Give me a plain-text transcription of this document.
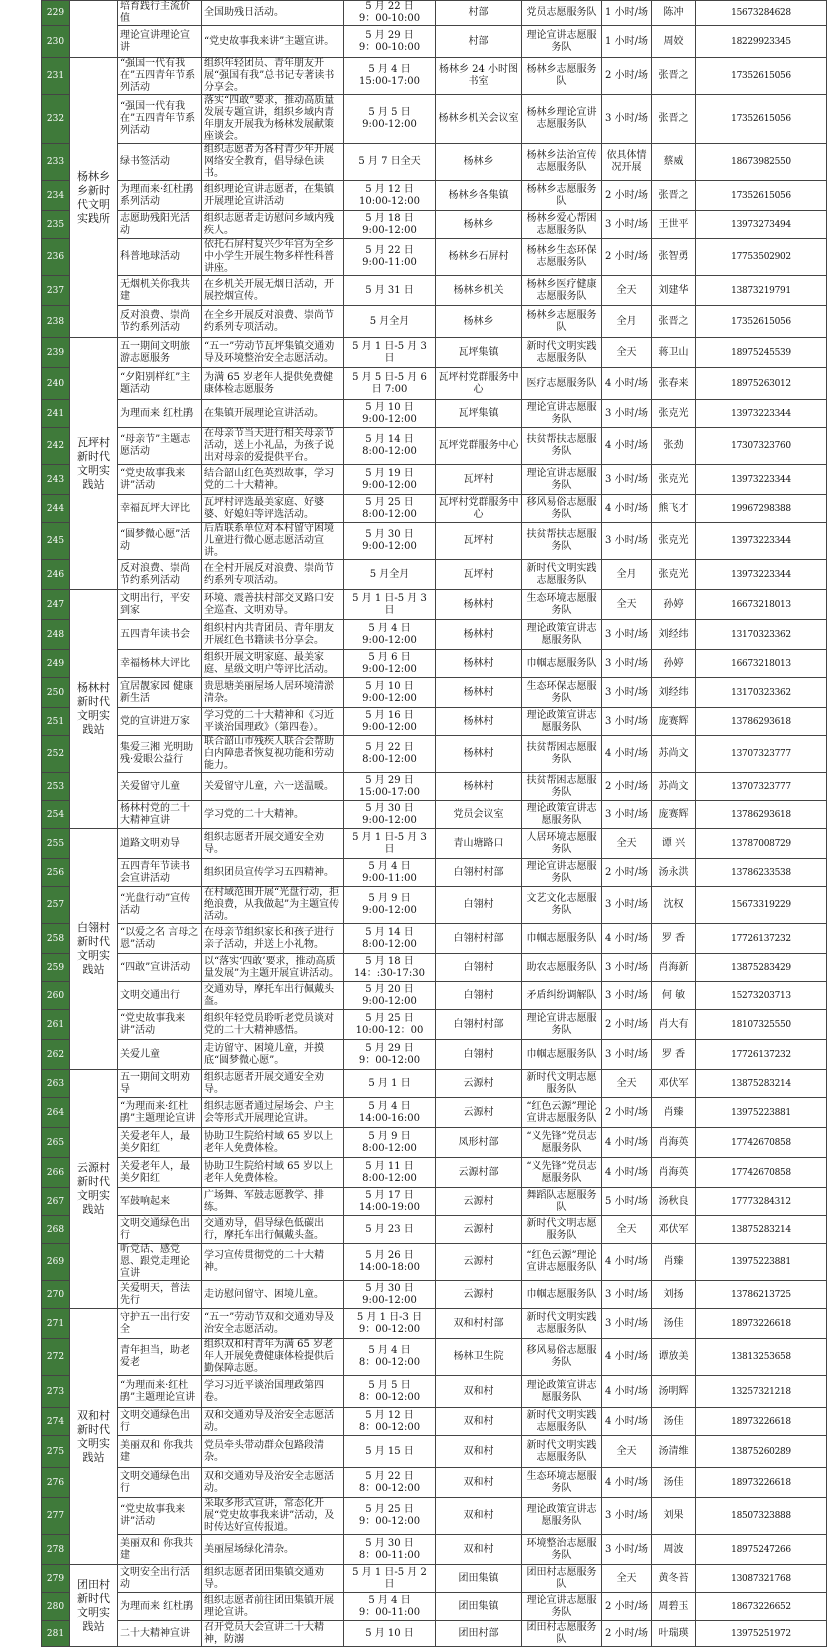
229		培育践行主流价值	全国助残日活动。	5 月 22 日
9：00-10:00	村部	党员志愿服务队	1 小时/场	陈冲	15673284628
230		理论宣讲理论宣讲	“党史故事我来讲”主题宣讲。	5 月 29 日
9：00-10:00	村部	理论宣讲志愿服务队	1 小时/场	周姣	18229923345
231	杨林乡乡新时代文明实践所	“强国一代有我在”五四青年节系列活动	组织年轻团员、青年朋友开展“强国有我”总书记专著读书分享会。	5 月 4 日
15:00-17:00	杨林乡 24 小时图书室	杨林乡志愿服务队	2 小时/场	张晋之	17352615056
232		“强国一代有我在”五四青年节系列活动	落实“四敢”要求，推动高质量发展专题宣讲，组织乡域内青年朋友开展我为杨林发展献策座谈会。	5 月 5 日
9:00-12:00	杨林乡机关会议室	杨林乡理论宣讲志愿服务队	3 小时/场	张晋之	17352615056
233		绿书签活动	组织志愿者为各村青少年开展网络安全教育，倡导绿色读书。	5 月 7 日全天	杨林乡	杨林乡法治宣传志愿服务队	依具体情况开展	蔡威	18673982550
234		为理而来·红杜鹃系列活动	组织理论宣讲志愿者，在集镇开展理论宣讲活动	5 月 12 日
10:00-12:00	杨林乡各集镇	杨林乡志愿服务队	2 小时/场	张晋之	17352615056
235		志愿助残阳光活动	组织志愿者走访慰问乡域内残疾人。	5 月 18 日
9:00-12:00	杨林乡	杨林乡爱心帮困志愿服务队	3 小时/场	王世平	13973273494
236		科普地球活动	依托石屏村复兴少年宫为全乡中小学生开展生物多样性科普讲座。	5 月 22 日
9:00-11:00	杨林乡石屏村	杨林乡生态环保志愿服务队	2 小时/场	张智勇	17753502902
237		无烟机关你我共建	在乡机关开展无烟日活动，开展控烟宣传。	5 月 31 日	杨林乡机关	杨林乡医疗健康志愿服务队	全天	刘建华	13873219791
238		反对浪费、崇尚节约系列活动	在全乡开展反对浪费、崇尚节约系列专项活动。	5 月全月	杨林乡	杨林乡志愿服务队	全月	张晋之	17352615056
239	瓦坪村新时代文明实践站	五一期间文明旅游志愿服务	“五一”劳动节瓦坪集镇交通劝导及环境整治安全志愿活动。	5 月 1 日-5 月 3 日	瓦坪集镇	新时代文明实践志愿服务队	全天	蒋卫山	18975245539
240		“夕阳别样红”主题活动	为满 65 岁老年人提供免费健康体检志愿服务	5 月 5 日-5 月 6 日 7:00	瓦坪村党群服务中心	医疗志愿服务队	4 小时/场	张春来	18975263012
241		为理而来 红杜鹃	在集镇开展理论宣讲活动。	5 月 10 日
9:00-12:00	瓦坪集镇	理论宣讲志愿服务队	3 小时/场	张克光	13973223344
242		“母亲节”主题志愿活动	在母亲节当天进行相关母亲节活动，送上小礼品，为孩子说出对母亲的爱提供平台。	5 月 14 日
8:00-12:00	瓦坪党群服务中心	扶贫帮扶志愿服务队	4 小时/场	张劲	17307323760
243		“党史故事我来讲”活动	结合韶山红色英烈故事，学习党的二十大精神。	5 月 19 日
9:00-12:00	瓦坪村	理论宣讲志愿服务队	3 小时/场	张克光	13973223344
244		幸福瓦坪大评比	瓦坪村评选最美家庭、好婆婆、好媳妇等评选活动。	5 月 25 日
8:00-12:00	瓦坪村党群服务中心	移风易俗志愿服务队	4 小时/场	熊飞才	19967298388
245		“圆梦微心愿”活动	后盾联系单位对本村留守困境儿童进行微心愿志愿活动宣讲。	5 月 30 日
9:00-12:00	瓦坪村	扶贫帮扶志愿服务队	3 小时/场	张克光	13973223344
246		反对浪费、崇尚节约系列活动	在全村开展反对浪费、崇尚节约系列专项活动。	5 月全月	瓦坪村	新时代文明实践志愿服务队	全月	张克光	13973223344
247	杨林村新时代文明实践站	文明出行，平安到家	环境、震善扶村部交叉路口安全巡查、文明劝导。	5 月 1 日-5 月 3 日	杨林村	生态环境志愿服务队	全天	孙婷	16673218013
248		五四青年读书会	组织村内共青团员、青年朋友开展红色书籍读书分享会。	5 月 4 日
9:00-12:00	杨林村	理论政策宣讲志愿服务队	3 小时/场	刘经纬	13170323362
249		幸福杨林大评比	组织开展文明家庭、最美家庭、星级文明户等评比活动。	5 月 6 日
9:00-12:00	杨林村	巾帼志愿服务队	3 小时/场	孙婷	16673218013
250		宜居靓家园 健康新生活	贵思塘美丽屋场人居环境清淤清杂。	5 月 10 日
9:00-12:00	杨林村	生态环保志愿服务队	3 小时/场	刘经纬	13170323362
251		党的宣讲进万家	学习党的二十大精神和《习近平谈治国理政》（第四卷）。	5 月 16 日
9:00-12:00	杨林村	理论政策宣讲志愿服务队	3 小时/场	庞赛辉	13786293618
252		集爱三湘 光明助残·爱眼公益行	联合韶山市残疾人联合会帮助白内障患者恢复视功能和劳动能力。	5 月 22 日
8:00-12:00	杨林村	扶贫帮困志愿服务队	4 小时/场	苏尚文	13707323777
253		关爱留守儿童	关爱留守儿童，六一送温暖。	5 月 29 日
15:00-17:00	杨林村	扶贫帮困志愿服务队	2 小时/场	苏尚文	13707323777
254		杨林村党的二十大精神宣讲	学习党的二十大精神。	5 月 30 日
9:00-12:00	党员会议室	理论政策宣讲志愿服务队	3 小时/场	庞赛辉	13786293618
255	白翎村新时代文明实践站	道路文明劝导	组织志愿者开展交通安全劝导。	5 月 1 日-5 月 3 日	青山塘路口	人居环境志愿服务队	全天	谭 兴	13787008729
256		五四青年节读书会宣讲活动	组织团员宣传学习五四精神。	5 月 4 日
9:00-11:00	白翎村村部	理论宣讲志愿服务队	2 小时/场	汤永洪	13786233538
257		“光盘行动”宣传活动	在村域范围开展“光盘行动，拒绝浪费，从我做起”为主题宣传活动。	5 月 9 日
9:00-12:00	白翎村	文艺文化志愿服务队	3 小时/场	沈权	15673319229
258		“以爱之名 言母之恩”活动	在母亲节组织家长和孩子进行亲子活动，并送上小礼物。	5 月 14 日
8:00-12:00	白翎村村部	巾帼志愿服务队	4 小时/场	罗 香	17726137232
259		“四敢”宣讲活动	以“落实‘四敢’要求，推动高质量发展”为主题开展宣讲活动。	5 月 18 日
14：:30-17:30	白翎村	助农志愿服务队	3 小时/场	肖海新	13875283429
260		文明交通出行	交通劝导，摩托车出行佩戴头盔。	5 月 20 日
9:00-12:00	白翎村	矛盾纠纷调解队	3 小时/场	何 敏	15273203713
261		“党史故事我来讲”活动	组织年轻党员聆听老党员谈对党的二十大精神感悟。	5 月 25 日
10:00-12：00	白翎村村部	理论宣讲志愿服务队	2 小时/场	肖大有	18107325550
262		关爱儿童	走访留守、困境儿童，并摸底“圆梦微心愿”。	5 月 29 日
9：00-12:00	白翎村	巾帼志愿服务队	3 小时/场	罗 香	17726137232
263	云源村新时代文明实践站	五一期间文明劝导	组织志愿者开展交通安全劝导。	5 月 1 日	云源村	新时代文明志愿服务队	全天	邓伏军	13875283214
264		“为理而来·红杜鹃”主题理论宣讲	组织志愿者通过屋场会、户主会等形式开展理论宣讲。	5 月 4 日
14:00-16:00	云源村	“红色云源”理论宣讲志愿服务队	2 小时/场	肖臻	13975223881
265		关爱老年人，最美夕阳红	协助卫生院给村域 65 岁以上老年人免费体检。	5 月 9 日
8:00-12:00	凤形村部	“义先锋”党员志愿服务队	4 小时/场	肖海英	17742670858
266		关爱老年人，最美夕阳红	协助卫生院给村域 65 岁以上老年人免费体检。	5 月 11 日
8:00-12:00	云源村部	“义先锋”党员志愿服务队	4 小时/场	肖海英	17742670858
267		军鼓响起来	广场舞、军鼓志愿教学、排练。	5 月 17 日
14:00-19:00	云源村	舞蹈队志愿服务队	5 小时/场	汤秋良	17773284312
268		文明交通绿色出行	交通劝导，倡导绿色低碳出行，摩托车出行佩戴头盔。	5 月 23 日	云源村	新时代文明志愿服务队	全天	邓伏军	13875283214
269		听党话、感党恩、跟党走理论宣讲	学习宣传贯彻党的二十大精神。	5 月 26 日
14:00-18:00	云源村	“红色云源”理论宣讲志愿服务队	4 小时/场	肖臻	13975223881
270		关爱明天，普法先行	走访慰问留守、困境儿童。	5 月 30 日
9:00-12:00	云源村	巾帼志愿服务队	3 小时/场	刘扬	13786213725
271	双和村新时代文明实践站	守护五一出行安全	“五一”劳动节双和交通劝导及治安全志愿活动。	5 月 1 日-3 日
9：00-12:00	双和村村部	新时代文明实践志愿服务队	3 小时/场	汤佳	18973226618
272		青年担当，助老爱老	组织双和村青年为满 65 岁老年人开展免费健康体检提供后勤保障志愿。	5 月 4 日
8：00-12:00	杨林卫生院	移风易俗志愿服务队	4 小时/场	谭放美	13813253658
273		“为理而来·红杜鹃”主题理论宣讲	学习习近平谈治国理政第四卷。	5 月 5 日
8：00-12:00	双和村	理论政策宣讲志愿服务队	4 小时/场	汤明辉	13257321218
274		文明交通绿色出行	双和交通劝导及治安全志愿活动。	5 月 12 日
8：00-12:00	双和村	新时代文明实践志愿服务队	4 小时/场	汤佳	18973226618
275		美丽双和 你我共建	党员牵头带动群众包路段清杂。	5 月 15 日	双和村	新时代文明实践志愿服务队	全天	汤清维	13875260289
276		文明交通绿色出行	双和交通劝导及治安全志愿活动。	5 月 22 日
8：00-12:00	双和村	生态环境志愿服务队	4 小时/场	汤佳	18973226618
277		“党史故事我来讲”活动	采取多形式宣讲，常态化开展“党史故事我来讲”活动，及时传达好宣传报道。	5 月 25 日
9：00-12:00	双和村	理论政策宣讲志愿服务队	3 小时/场	刘果	18507323888
278		美丽双和 你我共建	美丽屋场绿化清杂。	5 月 30 日
8：00-11:00	双和村	环境整治志愿服务队	3 小时/场	周波	18975247266
279	团田村新时代文明实践站	文明安全出行活动	组织志愿者团田集镇交通劝导。	5 月 1 日-5 月 2 日	团田集镇	团田村志愿服务队	全天	黄冬苔	13087321768
280		为理而来 红杜鹃	组织志愿者前往团田集镇开展理论宣讲。	5 月 4 日
9：00-11:00	团田集镇	理论宣讲志愿服务队	2 小时/场	周碧玉	18673226652
281		二十大精神宣讲	召开党员大会宣讲二十大精神，防溺	5 月 10 日	团田村部	团田村志愿服务队	2 小时/场	叶瑞瑛	13975251972
